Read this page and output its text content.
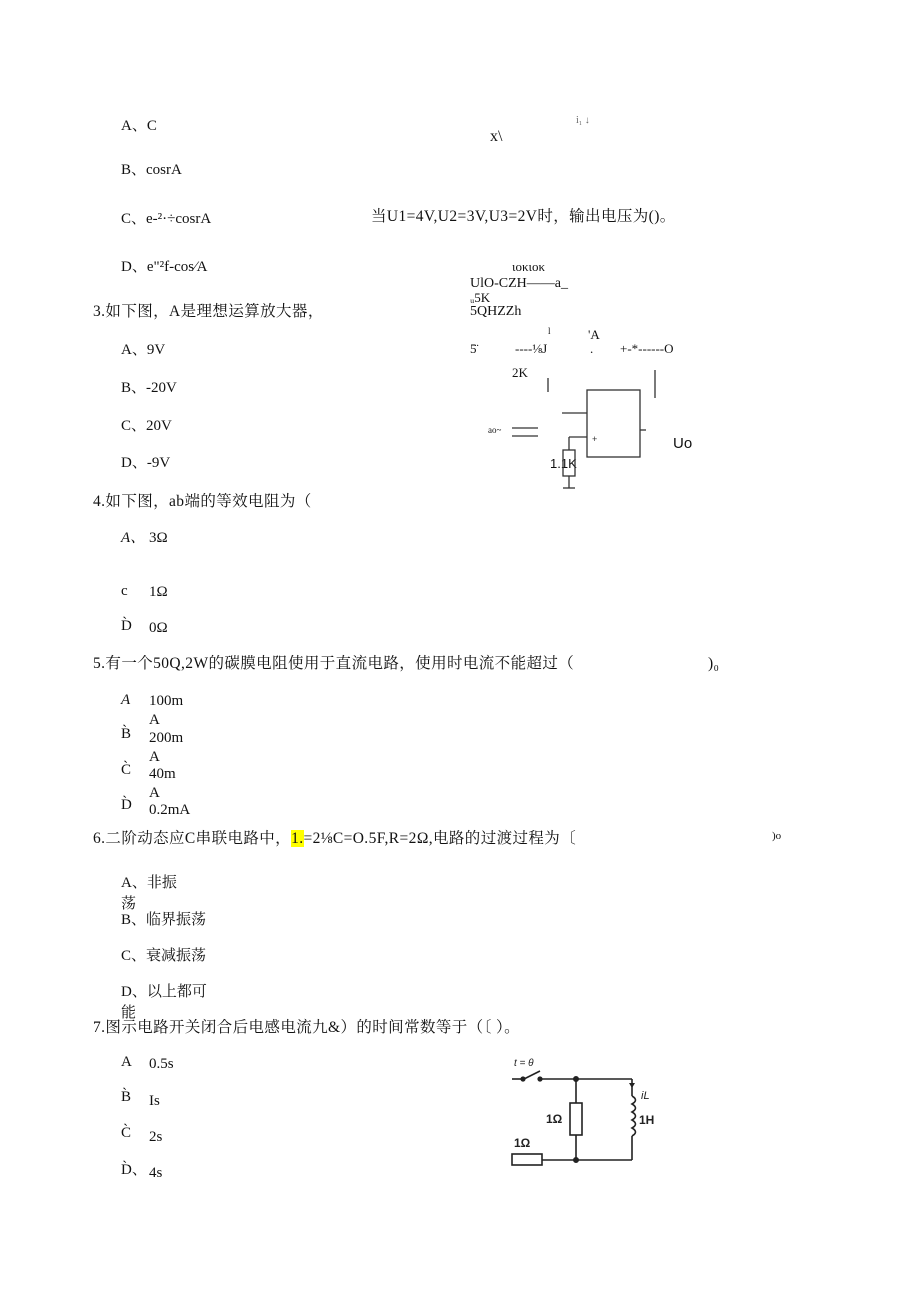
A、C
B、cosrA
C、e-²·÷cosrA
D、e"²f-cos⁄A
x\
i₁ ↓
当U1=4V,U2=3V,U3=2V时，输出电压为()。
ιoκιoκ
UlO-CZH——a_
ᵤ5K
5QHZZh
l	'A
5̈	----⅛J	. +-*------O
2K
ao~
1.1K
Uo
+
3.如下图，A是理想运算放大器，
A、9V
B、-20V
C、20V
D、-9V
4.如下图，ab端的等效电阻为（
A、 3Ω
c 1Ω
D̀ 0Ω
5.有一个50Q,2W的碳膜电阻使用于直流电路，使用时电流不能超过（	)₀
A 100m
A
B̀ 200m
A
C̀ 40m
A
D̀ 0.2mA
6.二阶动态应C串联电路中，1.=2⅛C=O.5F,R=2Ω,电路的过渡过程为〔	)o
A、非振
荡
B、临界振荡
C、衰减振荡
D、以上都可
能
7.图示电路开关闭合后电感电流九&）的时间常数等于（〔 ）。
A 0.5s
B̀ Is
C̀ 2s
D̀、 4s
t = θ
1Ω
iL
1H
1Ω
